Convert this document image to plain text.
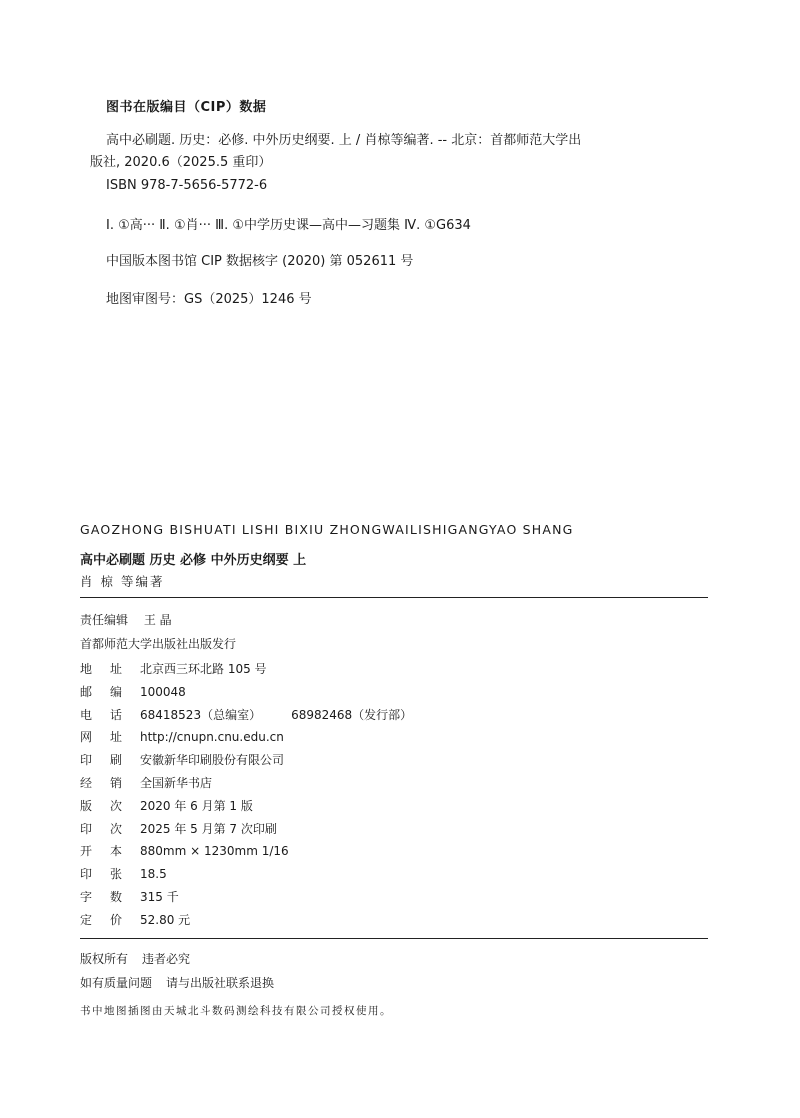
图书在版编目（CIP）数据
高中必刷题. 历史：必修. 中外历史纲要. 上 / 肖椋等编著. -- 北京：首都师范大学出版社, 2020.6（2025.5 重印）
ISBN 978-7-5656-5772-6
Ⅰ. ①高··· Ⅱ. ①肖··· Ⅲ. ①中学历史课—高中—习题集 Ⅳ. ①G634
中国版本图书馆 CIP 数据核字 (2020) 第 052611 号
地图审图号：GS（2025）1246 号
GAOZHONG BISHUATI LISHI BIXIU ZHONGWAILISHIGANGYAO SHANG
高中必刷题 历史 必修 中外历史纲要 上
肖 椋 等编著
责任编辑 王 晶
首都师范大学出版社出版发行
地 址 北京西三环北路 105 号
邮 编 100048
电 话 68418523（总编室）	68982468（发行部）
网 址 http://cnupn.cnu.edu.cn
印 刷 安徽新华印刷股份有限公司
经 销 全国新华书店
版 次 2020 年 6 月第 1 版
印 次 2025 年 5 月第 7 次印刷
开 本 880mm × 1230mm 1/16
印 张 18.5
字 数 315 千
定 价 52.80 元
版权所有 违者必究
如有质量问题 请与出版社联系退换
书中地图插图由天城北斗数码测绘科技有限公司授权使用。
